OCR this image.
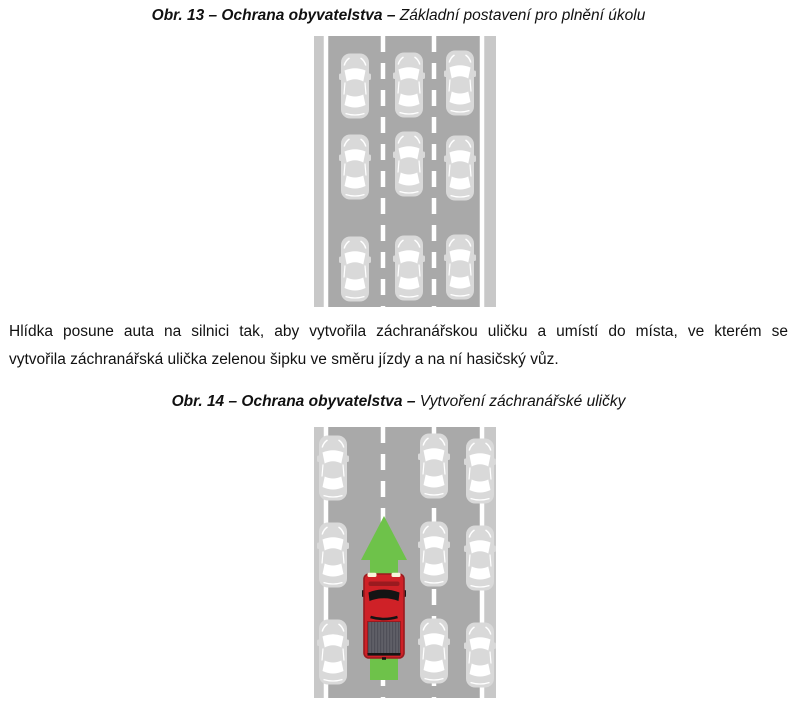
Obr. 13 – Ochrana obyvatelstva – Základní postavení pro plnění úkolu
Hlídka posune auta na silnici tak, aby vytvořila záchranářskou uličku a umístí do místa, ve kterém se
vytvořila záchranářská ulička zelenou šipku ve směru jízdy a na ní hasičský vůz.
Obr. 14 – Ochrana obyvatelstva – Vytvoření záchranářské uličky
